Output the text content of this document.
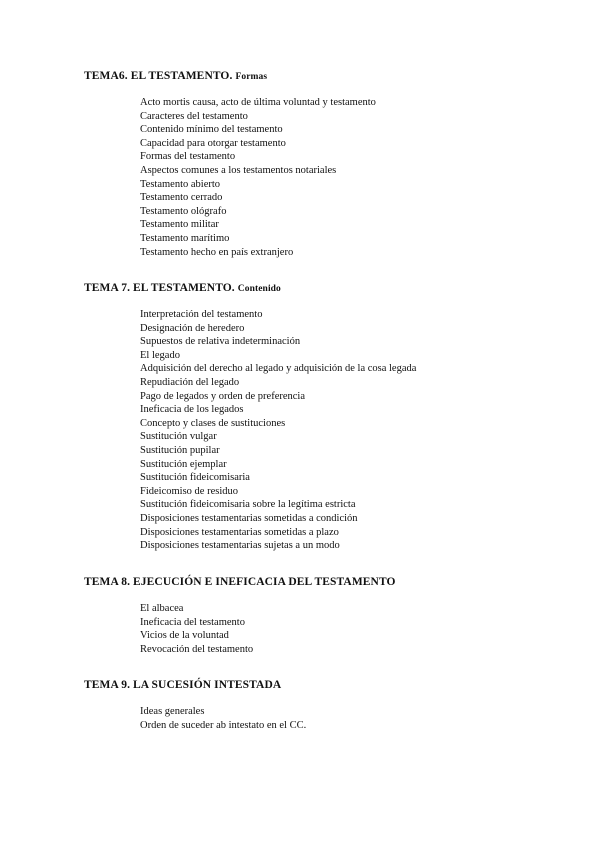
TEMA6. EL TESTAMENTO. Formas
Acto mortis causa, acto de última voluntad y testamento
Caracteres del testamento
Contenido mínimo del testamento
Capacidad para otorgar testamento
Formas del testamento
Aspectos comunes a los testamentos notariales
Testamento abierto
Testamento cerrado
Testamento ológrafo
Testamento militar
Testamento marítimo
Testamento hecho en país extranjero
TEMA 7. EL TESTAMENTO. Contenido
Interpretación del testamento
Designación de heredero
Supuestos de relativa indeterminación
El legado
Adquisición del derecho al legado y adquisición de la cosa legada
Repudiación del legado
Pago de legados y orden de preferencia
Ineficacia de los legados
Concepto y clases de sustituciones
Sustitución vulgar
Sustitución pupilar
Sustitución ejemplar
Sustitución fideicomisaria
Fideicomiso de residuo
Sustitución fideicomisaria sobre la legítima estricta
Disposiciones testamentarias sometidas a condición
Disposiciones testamentarias sometidas a plazo
Disposiciones testamentarias sujetas a un modo
TEMA 8. EJECUCIÓN E INEFICACIA DEL TESTAMENTO
El albacea
Ineficacia del testamento
Vicios de la voluntad
Revocación del testamento
TEMA 9. LA SUCESIÓN INTESTADA
Ideas generales
Orden de suceder ab intestato en el CC.
